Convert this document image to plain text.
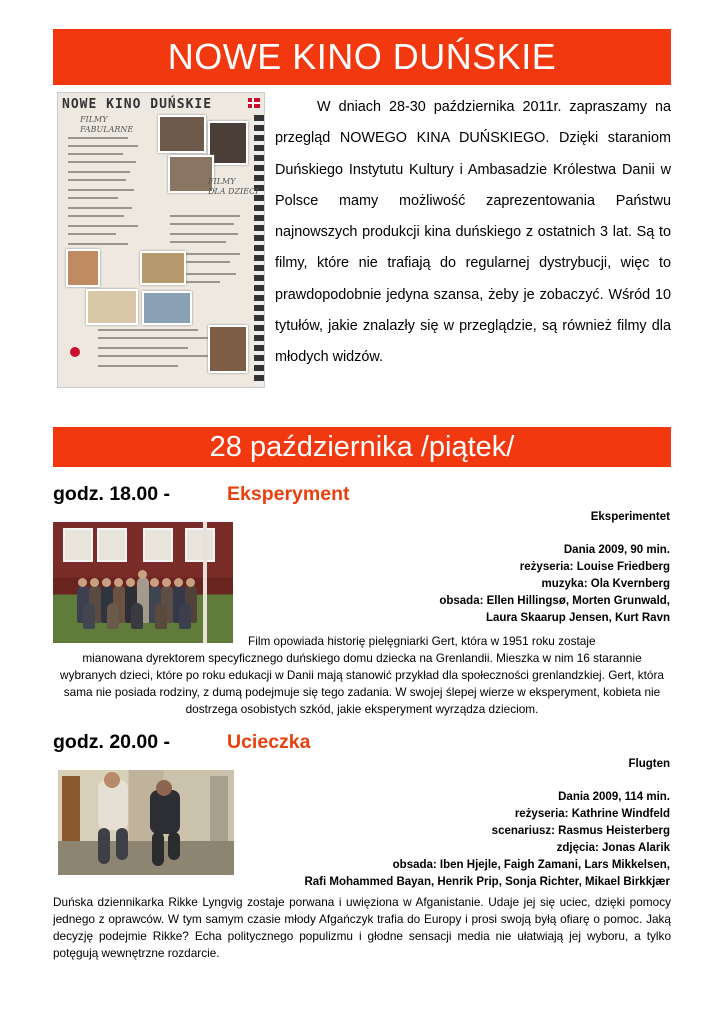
NOWE KINO DUŃSKIE
NOWE KINO DUŃSKIE
FILMY
FABULARNE
FILMY
DLA DZIECI

W dniach 28-30 października 2011r. zapraszamy na przegląd NOWEGO KINA DUŃSKIEGO. Dzięki staraniom Duńskiego Instytutu Kultury i Ambasadzie Królestwa Danii w Polsce mamy możliwość zaprezentowania Państwu najnowszych produkcji kina duńskiego z ostatnich 3 lat. Są to filmy, które nie trafiają do regularnej dystrybucji, więc to prawdopodobnie jedyna szansa, żeby je zobaczyć. Wśród 10 tytułów, jakie znalazły się w przeglądzie, są również filmy dla młodych widzów.

28 października /piątek/
godz. 18.00 -	Eksperyment
Eksperimentet
Dania 2009, 90 min.
reżyseria: Louise Friedberg
muzyka: Ola Kvernberg
obsada: Ellen Hillingsø, Morten Grunwald,
Laura Skaarup Jensen, Kurt Ravn
Film opowiada historię pielęgniarki Gert, która w 1951 roku zostaje
mianowana dyrektorem specyficznego duńskiego domu dziecka na Grenlandii. Mieszka w nim 16 starannie wybranych dzieci, które po roku edukacji w Danii mają stanowić przykład dla społeczności grenlandzkiej. Gert, która sama nie posiada rodziny, z dumą podejmuje się tego zadania. W swojej ślepej wierze w eksperyment, kobieta nie dostrzega osobistych szkód, jakie eksperyment wyrządza dzieciom.
godz. 20.00 -	Ucieczka
Flugten
Dania 2009, 114 min.
reżyseria: Kathrine Windfeld
scenariusz: Rasmus Heisterberg
zdjęcia: Jonas Alarik
obsada: Iben Hjejle, Faigh Zamani, Lars Mikkelsen,
Rafi Mohammed Bayan, Henrik Prip, Sonja Richter, Mikael Birkkjær
Duńska dziennikarka Rikke Lyngvig zostaje porwana i uwięziona w Afganistanie. Udaje jej się uciec, dzięki pomocy jednego z oprawców. W tym samym czasie młody Afgańczyk trafia do Europy i prosi swoją byłą ofiarę o pomoc. Jaką decyzję podejmie Rikke? Echa politycznego populizmu i głodne sensacji media nie ułatwiają jej wyboru, a tylko potęgują wewnętrzne rozdarcie.
